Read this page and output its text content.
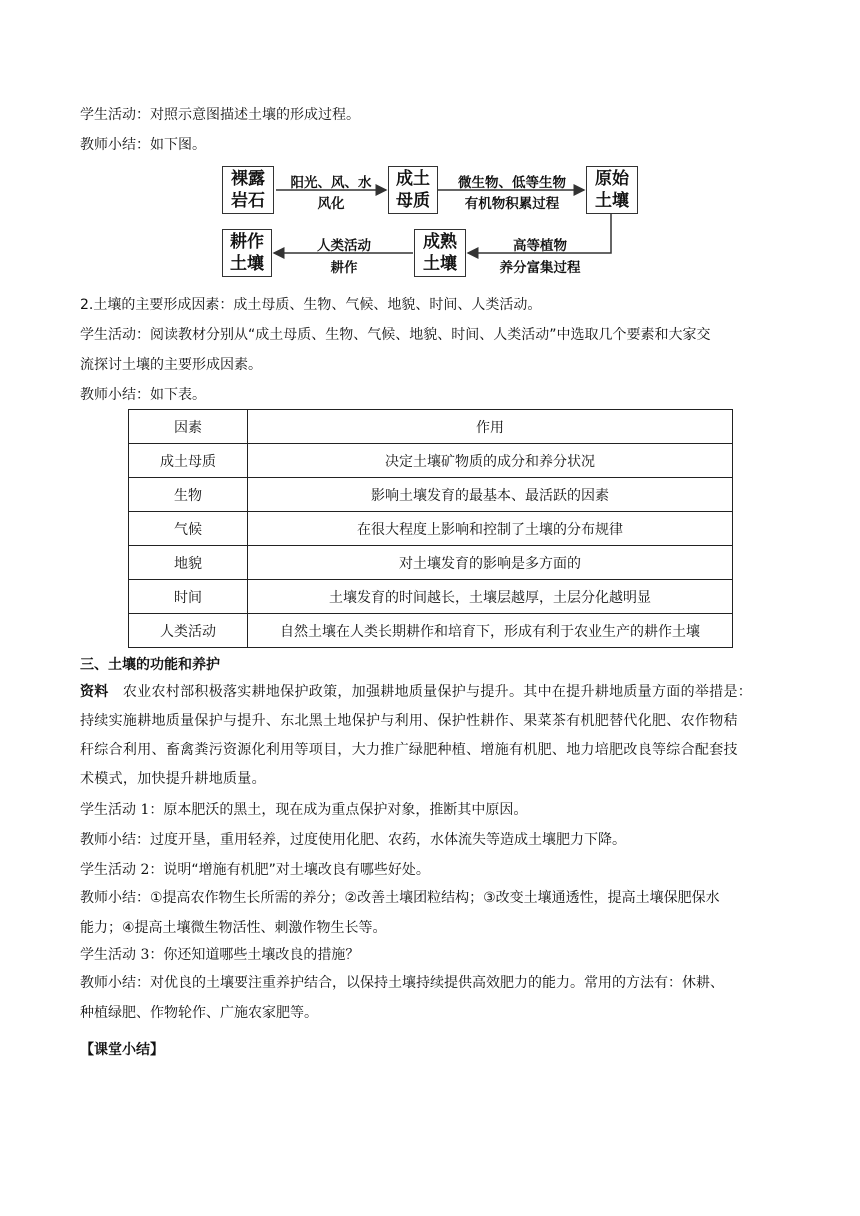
学生活动：对照示意图描述土壤的形成过程。

教师小结：如下图。

裸露
岩石
成土
母质
原始
土壤
成熟
土壤
耕作
土壤
阳光、风、水
风化
微生物、低等生物
有机物积累过程
高等植物
养分富集过程
人类活动
耕作

2.土壤的主要形成因素：成土母质、生物、气候、地貌、时间、人类活动。

学生活动：阅读教材分别从“成土母质、生物、气候、地貌、时间、人类活动”中选取几个要素和大家交
流探讨土壤的主要形成因素。

教师小结：如下表。

因素	作用
成土母质	决定土壤矿物质的成分和养分状况
生物	影响土壤发育的最基本、最活跃的因素
气候	在很大程度上影响和控制了土壤的分布规律
地貌	对土壤发育的影响是多方面的
时间	土壤发育的时间越长，土壤层越厚，土层分化越明显
人类活动	自然土壤在人类长期耕作和培育下，形成有利于农业生产的耕作土壤

三、土壤的功能和养护

资料 农业农村部积极落实耕地保护政策，加强耕地质量保护与提升。其中在提升耕地质量方面的举措是：
持续实施耕地质量保护与提升、东北黑土地保护与利用、保护性耕作、果菜茶有机肥替代化肥、农作物秸
秆综合利用、畜禽粪污资源化利用等项目，大力推广绿肥种植、增施有机肥、地力培肥改良等综合配套技
术模式，加快提升耕地质量。

学生活动 1：原本肥沃的黑土，现在成为重点保护对象，推断其中原因。

教师小结：过度开垦，重用轻养，过度使用化肥、农药，水体流失等造成土壤肥力下降。

学生活动 2：说明“增施有机肥”对土壤改良有哪些好处。

教师小结：①提高农作物生长所需的养分；②改善土壤团粒结构；③改变土壤通透性，提高土壤保肥保水
能力；④提高土壤微生物活性、刺激作物生长等。

学生活动 3：你还知道哪些土壤改良的措施？

教师小结：对优良的土壤要注重养护结合，以保持土壤持续提供高效肥力的能力。常用的方法有：休耕、
种植绿肥、作物轮作、广施农家肥等。

【课堂小结】
